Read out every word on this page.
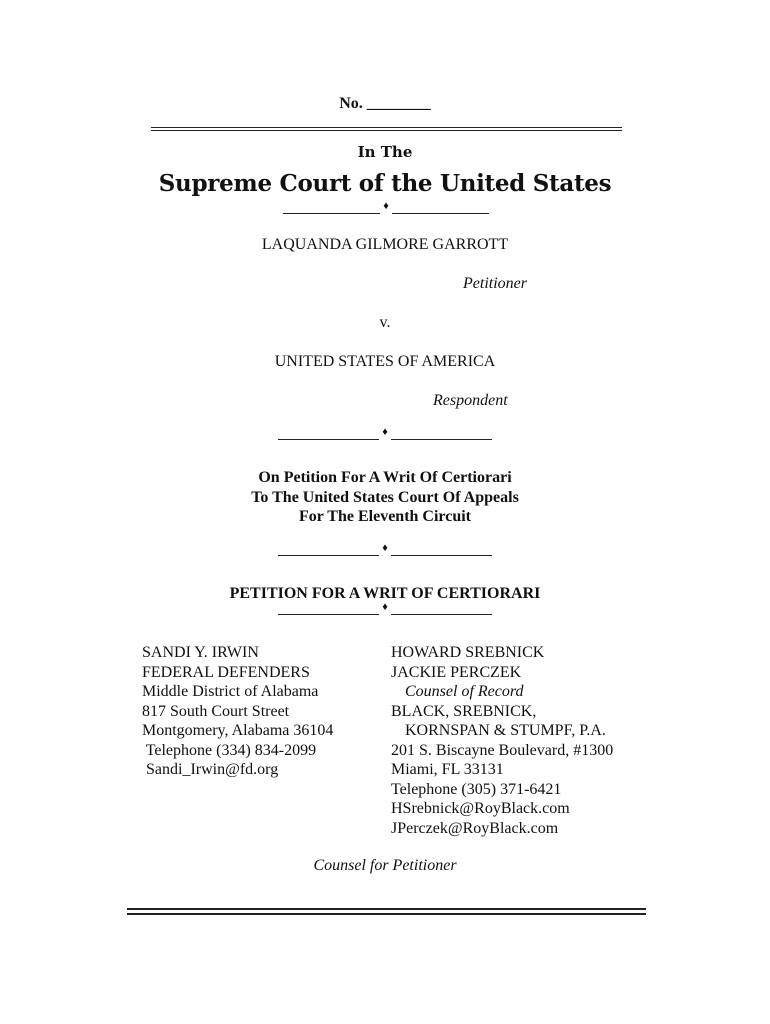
No. ________
In The
Supreme Court of the United States
♦
LAQUANDA GILMORE GARROTT
Petitioner
v.
UNITED STATES OF AMERICA
Respondent
♦
On Petition For A Writ Of Certiorari
To The United States Court Of Appeals
For The Eleventh Circuit
♦
PETITION FOR A WRIT OF CERTIORARI
♦
SANDI Y. IRWIN
FEDERAL DEFENDERS
Middle District of Alabama
817 South Court Street
Montgomery, Alabama 36104
Telephone (334) 834-2099
Sandi_Irwin@fd.org
HOWARD SREBNICK
JACKIE PERCZEK
Counsel of Record
BLACK, SREBNICK,
KORNSPAN & STUMPF, P.A.
201 S. Biscayne Boulevard, #1300
Miami, FL 33131
Telephone (305) 371-6421
HSrebnick@RoyBlack.com
JPerczek@RoyBlack.com
Counsel for Petitioner
